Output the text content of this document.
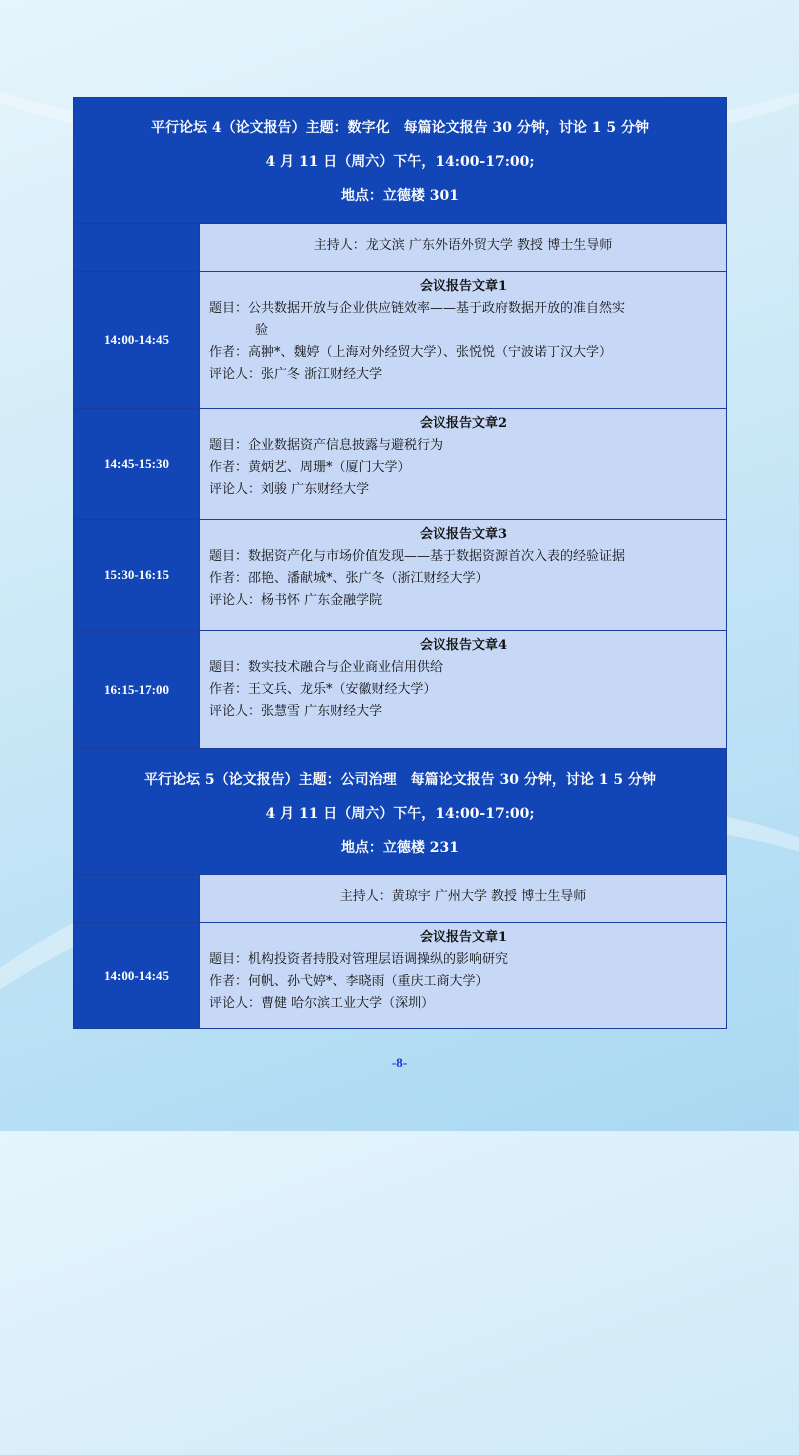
平行论坛 4（论文报告）主题：数字化　每篇论文报告 30 分钟，讨论 1 5 分钟
4 月 11 日（周六）下午，14:00-17:00;
地点：立德楼 301
主持人：龙文滨 广东外语外贸大学 教授 博士生导师
14:00-14:45
会议报告文章1
题目：公共数据开放与企业供应链效率——基于政府数据开放的准自然实
验
作者：高翀*、魏婷（上海对外经贸大学）、张悦悦（宁波诺丁汉大学）
评论人：张广冬 浙江财经大学
14:45-15:30
会议报告文章2
题目：企业数据资产信息披露与避税行为
作者：黄炳艺、周珊*（厦门大学）
评论人：刘骏 广东财经大学
15:30-16:15
会议报告文章3
题目：数据资产化与市场价值发现——基于数据资源首次入表的经验证据
作者：邵艳、潘献城*、张广冬（浙江财经大学）
评论人：杨书怀 广东金融学院
16:15-17:00
会议报告文章4
题目：数实技术融合与企业商业信用供给
作者：王文兵、龙乐*（安徽财经大学）
评论人：张慧雪 广东财经大学
平行论坛 5（论文报告）主题：公司治理　每篇论文报告 30 分钟，讨论 1 5 分钟
4 月 11 日（周六）下午，14:00-17:00;
地点：立德楼 231
主持人：黄琼宇 广州大学 教授 博士生导师
14:00-14:45
会议报告文章1
题目：机构投资者持股对管理层语调操纵的影响研究
作者：何帆、孙弋婷*、李晓雨（重庆工商大学）
评论人：曹健 哈尔滨工业大学（深圳）
-8-
